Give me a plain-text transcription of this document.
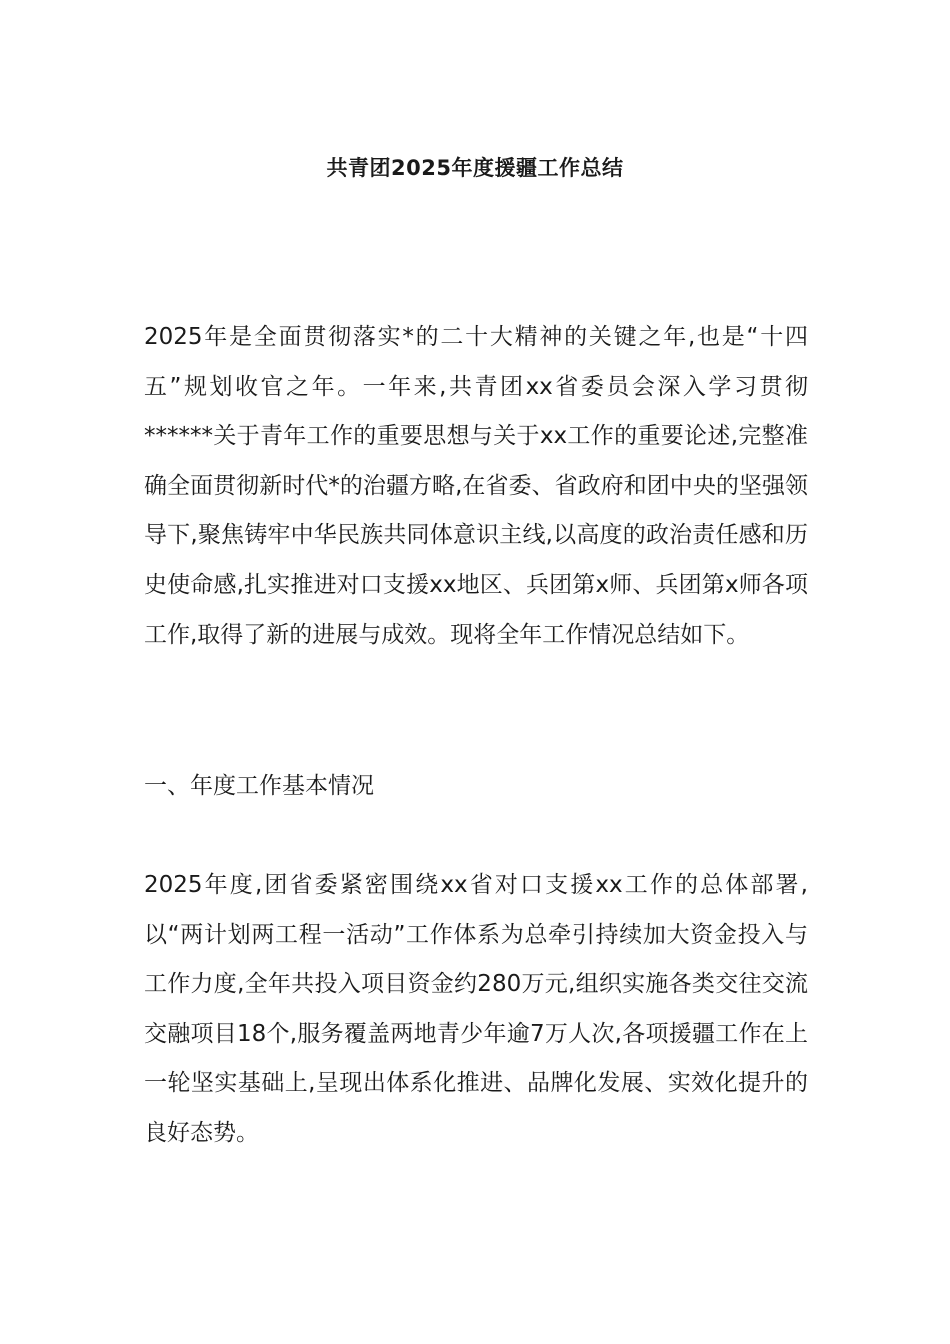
共青团2025年度援疆工作总结

2025年是全面贯彻落实*的二十大精神的关键之年,也是“十四五”规划收官之年。一年来,共青团xx省委员会深入学习贯彻******关于青年工作的重要思想与关于xx工作的重要论述,完整准确全面贯彻新时代*的治疆方略,在省委、省政府和团中央的坚强领导下,聚焦铸牢中华民族共同体意识主线,以高度的政治责任感和历史使命感,扎实推进对口支援xx地区、兵团第x师、兵团第x师各项工作,取得了新的进展与成效。现将全年工作情况总结如下。

一、年度工作基本情况

2025年度,团省委紧密围绕xx省对口支援xx工作的总体部署,以“两计划两工程一活动”工作体系为总牵引持续加大资金投入与工作力度,全年共投入项目资金约280万元,组织实施各类交往交流交融项目18个,服务覆盖两地青少年逾7万人次,各项援疆工作在上一轮坚实基础上,呈现出体系化推进、品牌化发展、实效化提升的良好态势。
